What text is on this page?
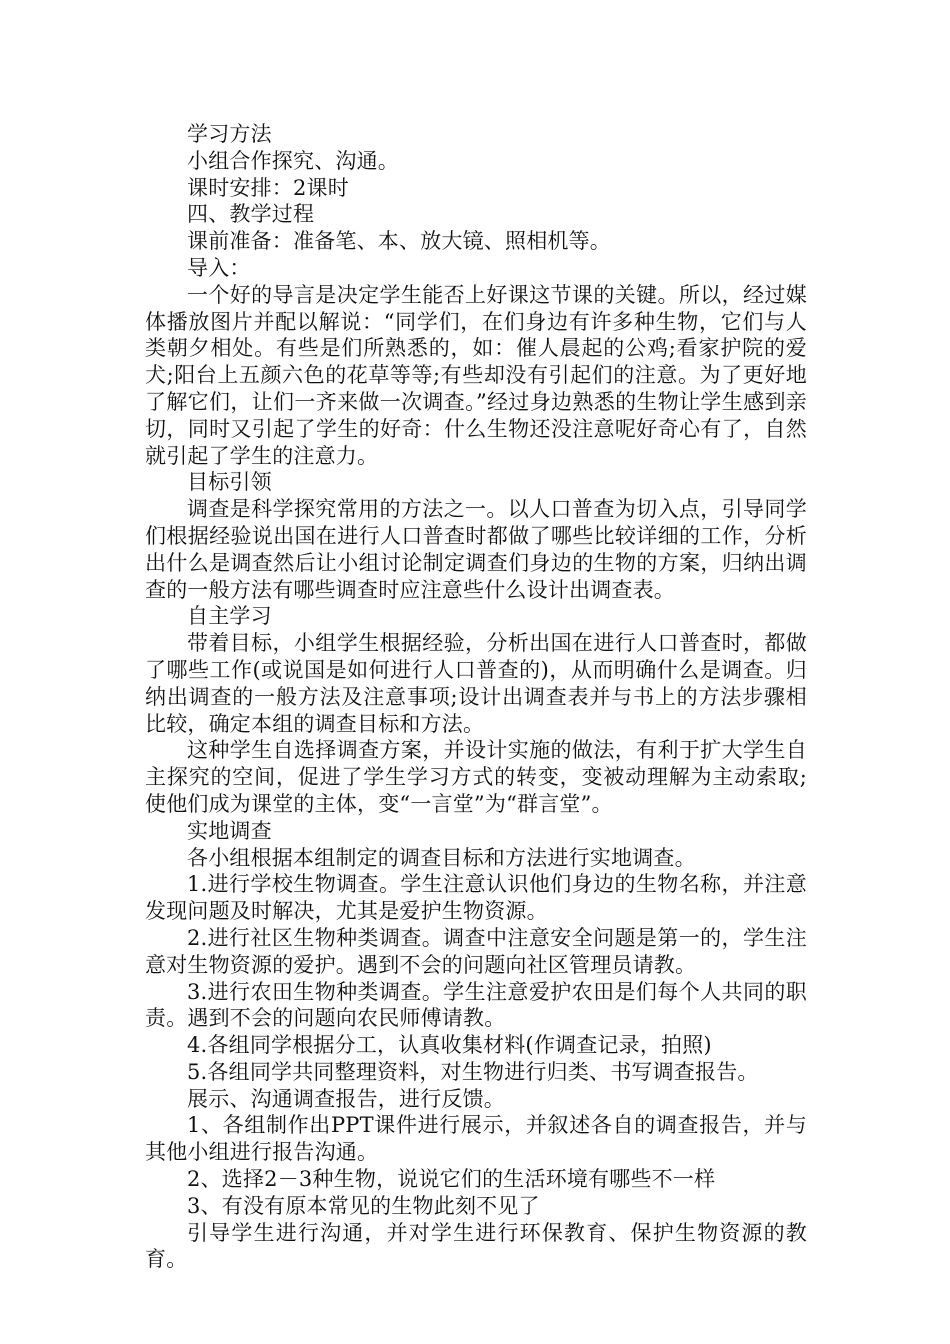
学习方法

小组合作探究、沟通。

课时安排：2课时

四、教学过程

课前准备：准备笔、本、放大镜、照相机等。

导入：

一个好的导言是决定学生能否上好课这节课的关键。所以，经过媒体播放图片并配以解说：“同学们，在们身边有许多种生物，它们与人类朝夕相处。有些是们所熟悉的，如：催人晨起的公鸡;看家护院的爱犬;阳台上五颜六色的花草等等;有些却没有引起们的注意。为了更好地了解它们，让们一齐来做一次调查。”经过身边熟悉的生物让学生感到亲切，同时又引起了学生的好奇：什么生物还没注意呢好奇心有了，自然就引起了学生的注意力。

目标引领

调查是科学探究常用的方法之一。以人口普查为切入点，引导同学们根据经验说出国在进行人口普查时都做了哪些比较详细的工作，分析出什么是调查然后让小组讨论制定调查们身边的生物的方案，归纳出调查的一般方法有哪些调查时应注意些什么设计出调查表。

自主学习

带着目标，小组学生根据经验，分析出国在进行人口普查时，都做了哪些工作(或说国是如何进行人口普查的)，从而明确什么是调查。归纳出调查的一般方法及注意事项;设计出调查表并与书上的方法步骤相比较，确定本组的调查目标和方法。

这种学生自选择调查方案，并设计实施的做法，有利于扩大学生自主探究的空间，促进了学生学习方式的转变，变被动理解为主动索取;使他们成为课堂的主体，变“一言堂”为“群言堂”。

实地调查

各小组根据本组制定的调查目标和方法进行实地调查。

1.进行学校生物调查。学生注意认识他们身边的生物名称，并注意发现问题及时解决，尤其是爱护生物资源。

2.进行社区生物种类调查。调查中注意安全问题是第一的，学生注意对生物资源的爱护。遇到不会的问题向社区管理员请教。

3.进行农田生物种类调查。学生注意爱护农田是们每个人共同的职责。遇到不会的问题向农民师傅请教。

4.各组同学根据分工，认真收集材料(作调查记录，拍照)

5.各组同学共同整理资料，对生物进行归类、书写调查报告。

展示、沟通调查报告，进行反馈。

1、各组制作出PPT课件进行展示，并叙述各自的调查报告，并与其他小组进行报告沟通。

2、选择2－3种生物，说说它们的生活环境有哪些不一样

3、有没有原本常见的生物此刻不见了

引导学生进行沟通，并对学生进行环保教育、保护生物资源的教育。
